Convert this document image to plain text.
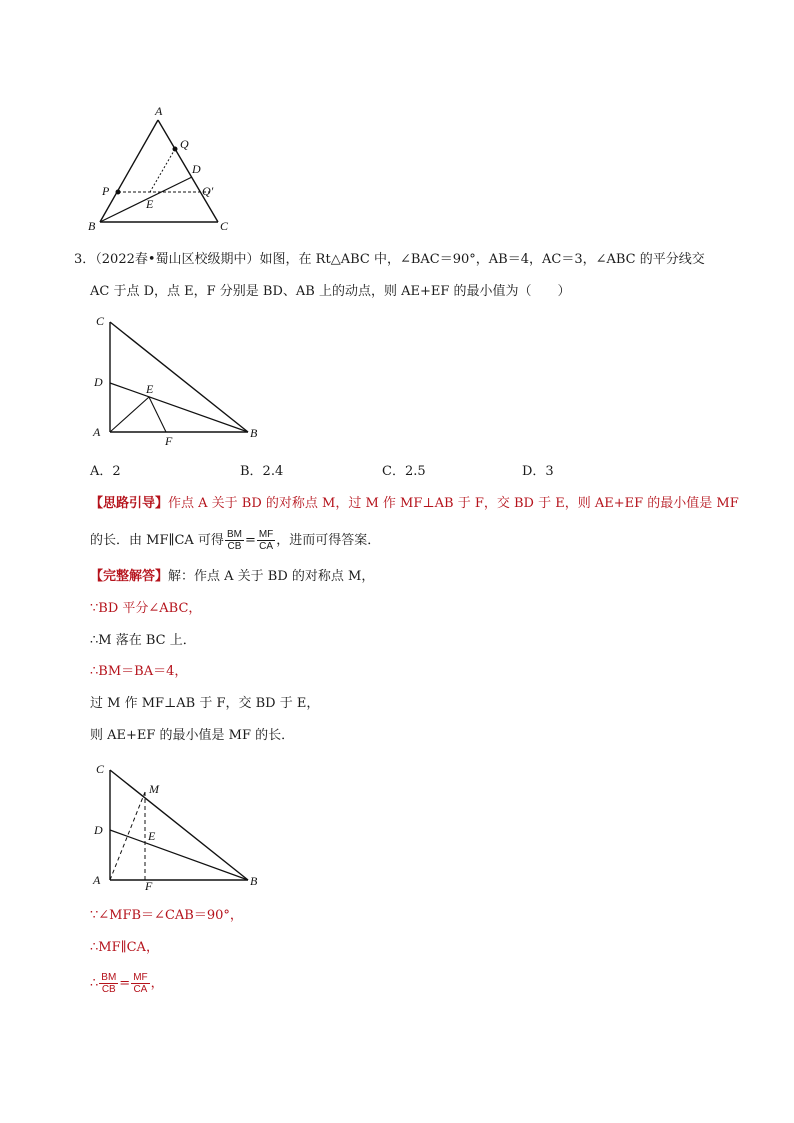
A
Q
D
P	Q′
E
B	C
3．（2022春•蜀山区校级期中）如图，在 Rt△ABC 中，∠BAC＝90°，AB＝4，AC＝3，∠ABC 的平分线交
AC 于点 D，点 E，F 分别是 BD、AB 上的动点，则 AE+EF 的最小值为（　　）
C
D	E
A
F
B
A．2	B．2.4	C．2.5	D．3
【思路引导】作点 A 关于 BD 的对称点 M，过 M 作 MF⊥AB 于 F，交 BD 于 E，则 AE+EF 的最小值是 MF
的长．由 MF∥CA 可得 $\frac{BM}{CB} = \frac{MF}{CA}$ ，进而可得答案．
【完整解答】解：作点 A 关于 BD 的对称点 M，
∵BD 平分∠ABC，
∴M 落在 BC 上．
∴BM＝BA＝4，
过 M 作 MF⊥AB 于 F，交 BD 于 E，
则 AE+EF 的最小值是 MF 的长．
C
M
D	E
A	F	B
∵∠MFB＝∠CAB＝90°，
∴MF∥CA，
∴ $\frac{BM}{CB} = \frac{MF}{CA}$ ，
